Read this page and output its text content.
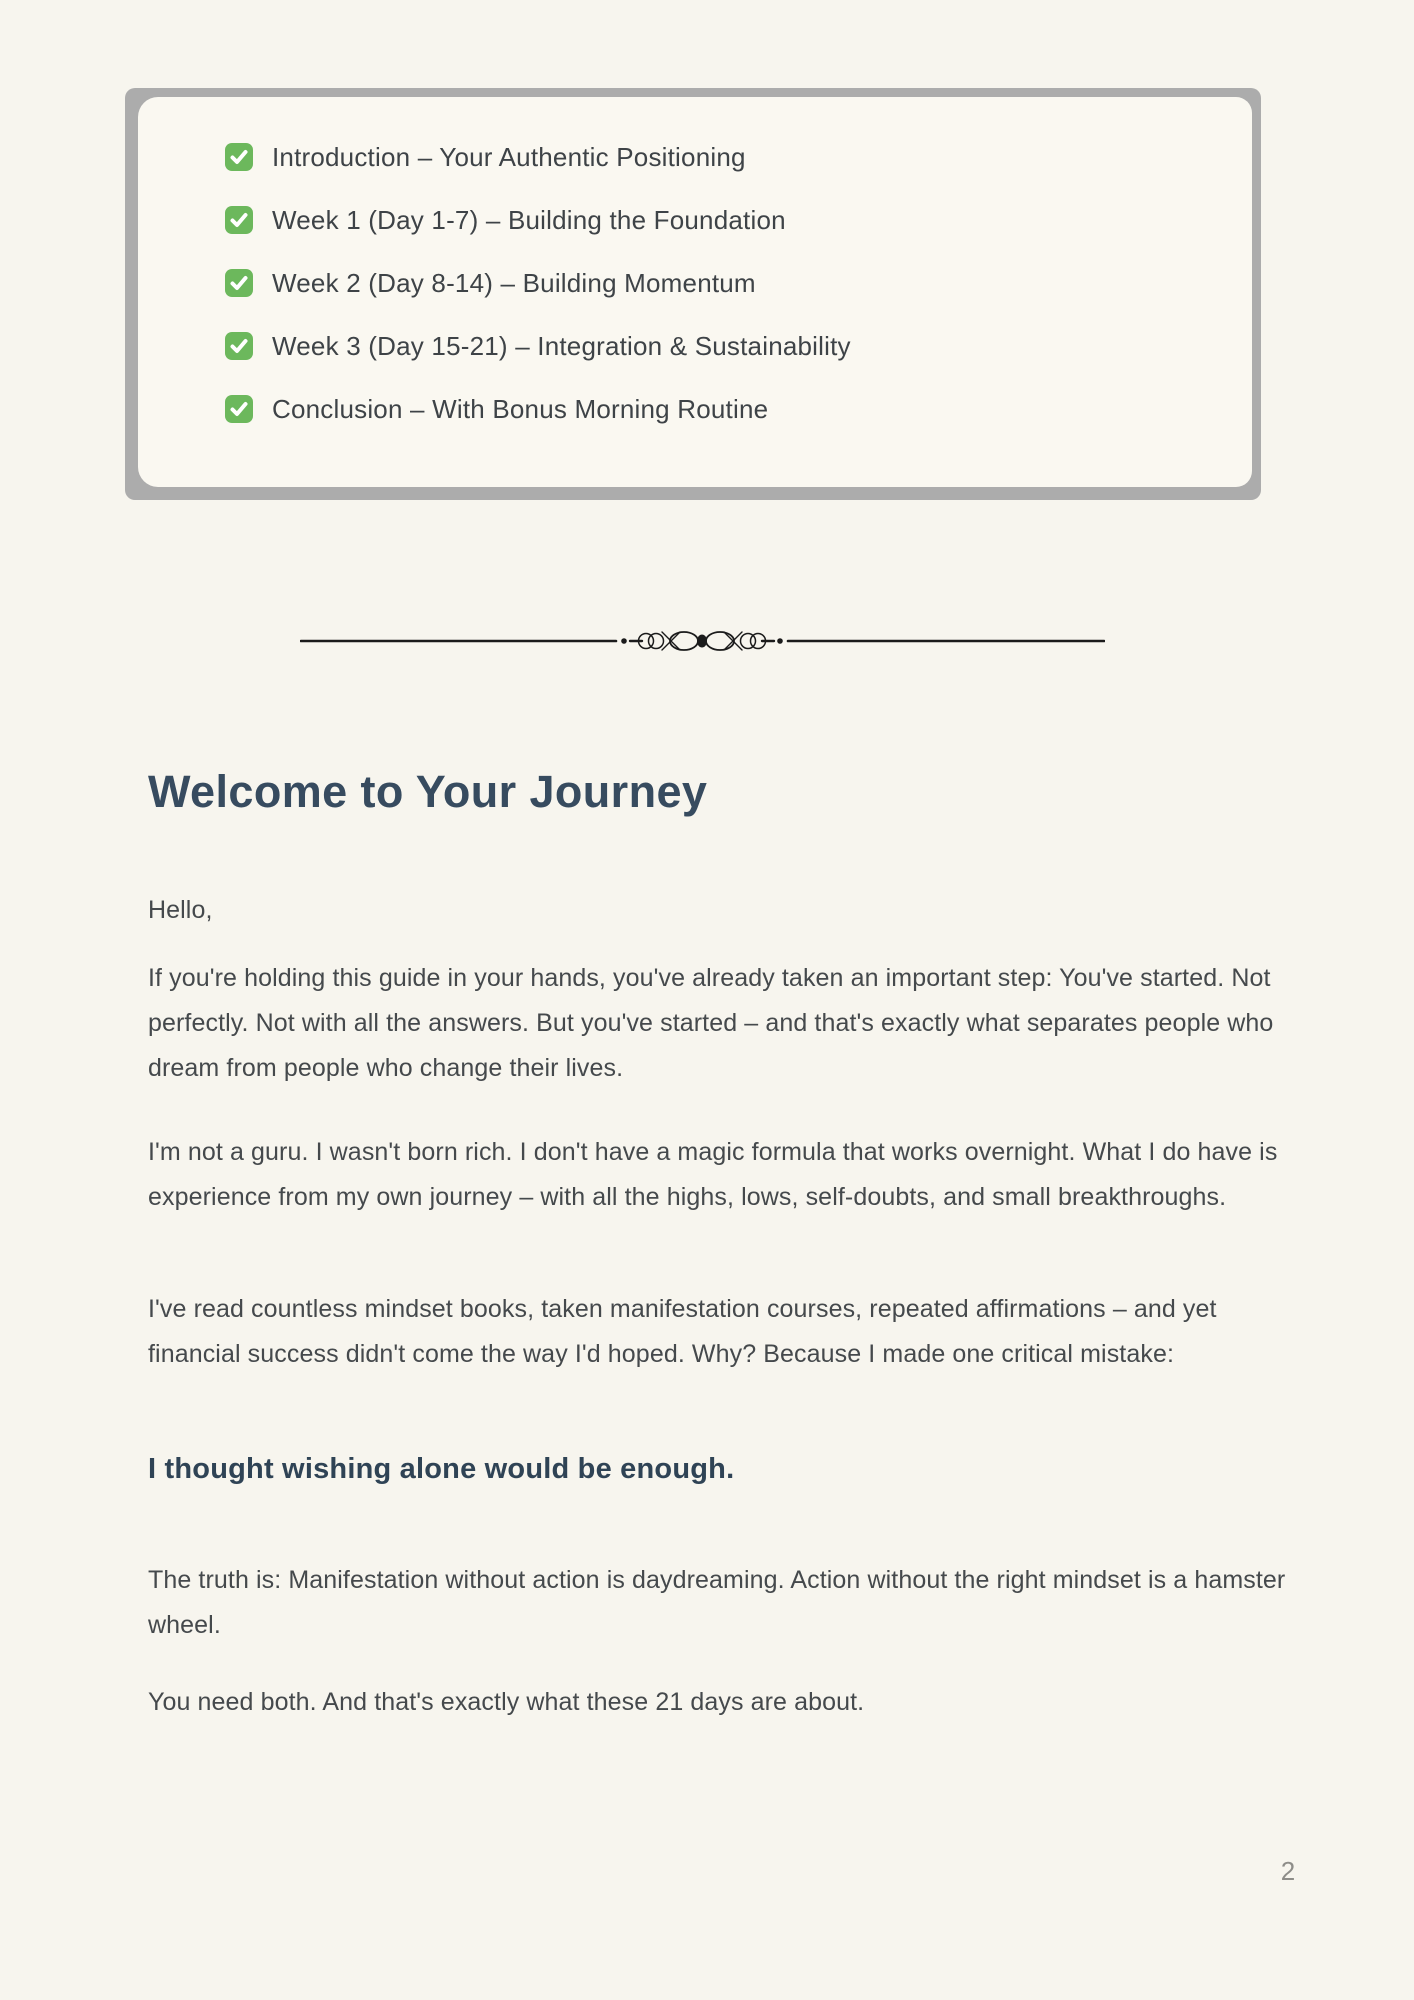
Introduction – Your Authentic Positioning
Week 1 (Day 1-7) – Building the Foundation
Week 2 (Day 8-14) – Building Momentum
Week 3 (Day 15-21) – Integration & Sustainability
Conclusion – With Bonus Morning Routine
Welcome to Your Journey

Hello,

If you're holding this guide in your hands, you've already taken an important step: You've started. Not perfectly. Not with all the answers. But you've started – and that's exactly what separates people who dream from people who change their lives.

I'm not a guru. I wasn't born rich. I don't have a magic formula that works overnight. What I do have is experience from my own journey – with all the highs, lows, self-doubts, and small breakthroughs.

I've read countless mindset books, taken manifestation courses, repeated affirmations – and yet financial success didn't come the way I'd hoped. Why? Because I made one critical mistake:

I thought wishing alone would be enough.

The truth is: Manifestation without action is daydreaming. Action without the right mindset is a hamster wheel.

You need both. And that's exactly what these 21 days are about.

2
